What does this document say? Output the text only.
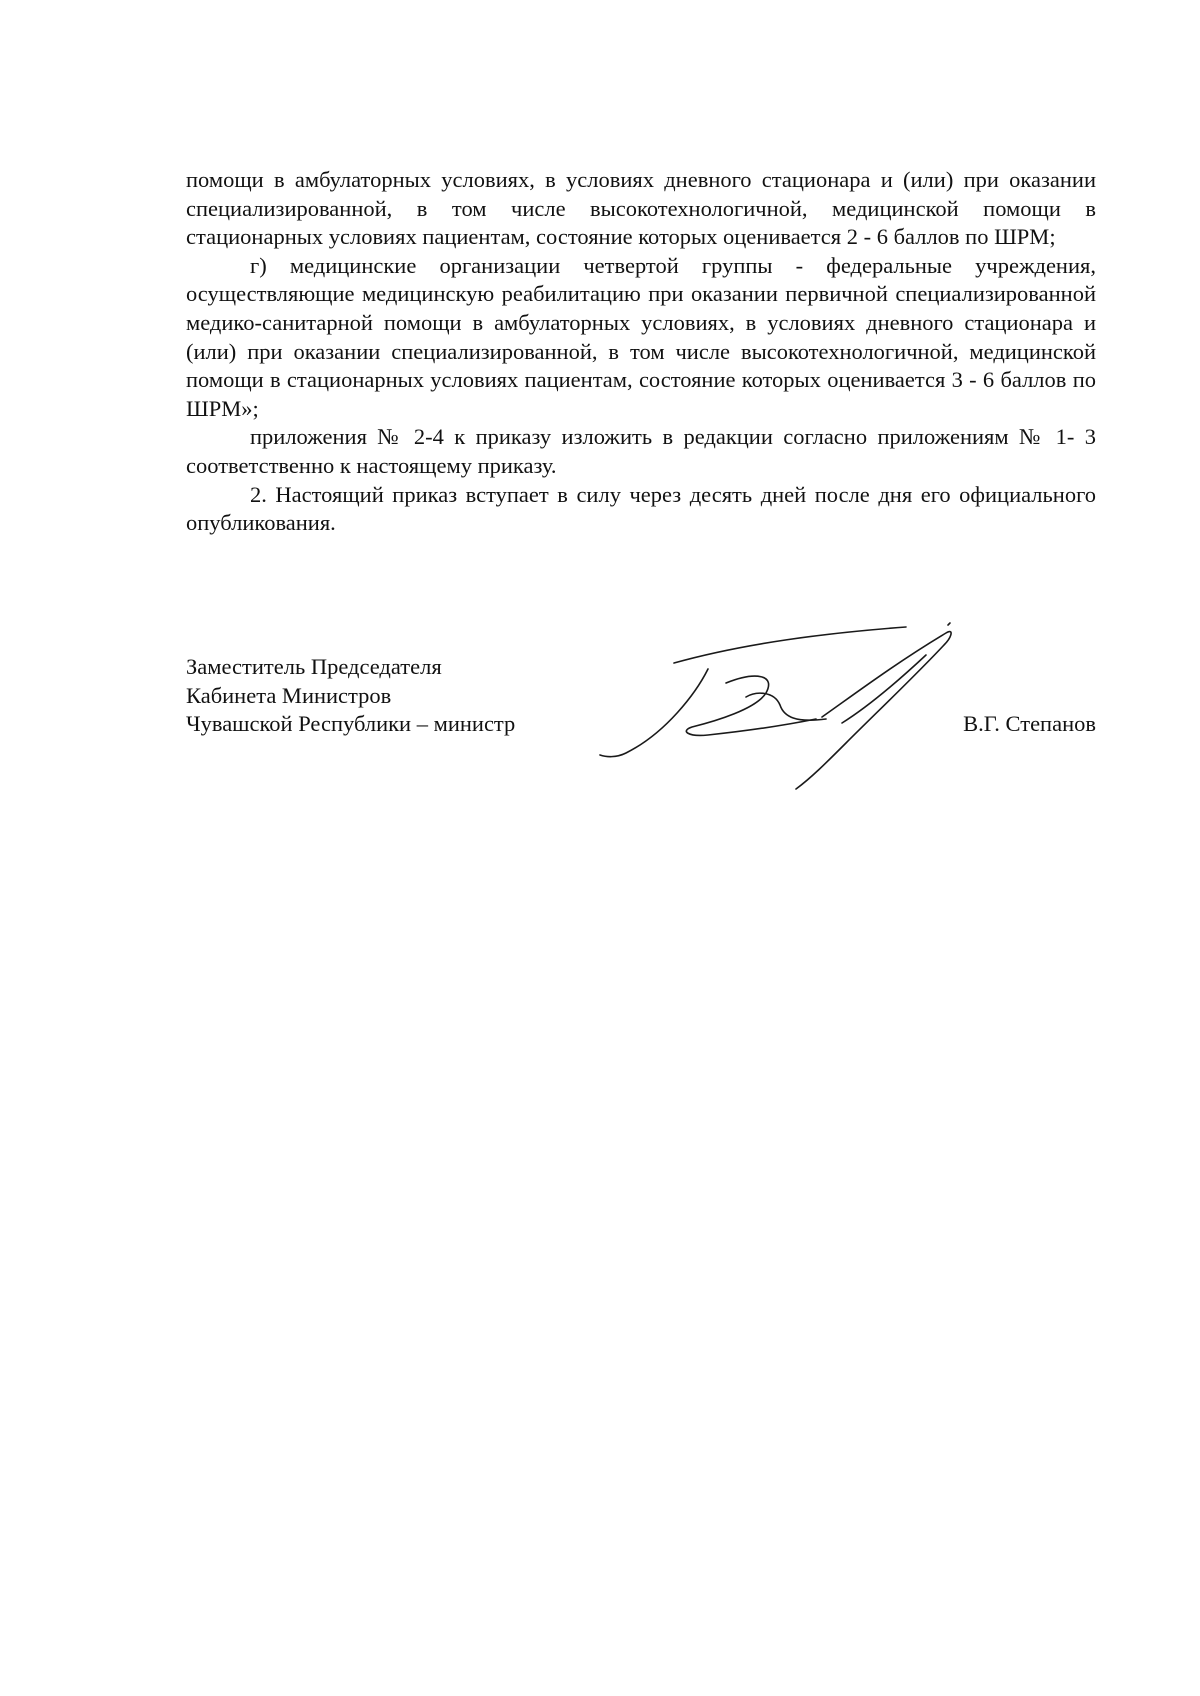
помощи в амбулаторных условиях, в условиях дневного стационара и (или) при оказании специализированной, в том числе высокотехнологичной, медицинской помощи в стационарных условиях пациентам, состояние которых оценивается 2 - 6 баллов по ШРМ;

г) медицинские организации четвертой группы - федеральные учреждения, осуществляющие медицинскую реабилитацию при оказании первичной специализированной медико-санитарной помощи в амбулаторных условиях, в условиях дневного стационара и (или) при оказании специализированной, в том числе высокотехнологичной, медицинской помощи в стационарных условиях пациентам, состояние которых оценивается 3 - 6 баллов по ШРМ»;

приложения № 2-4 к приказу изложить в редакции согласно приложениям № 1- 3 соответственно к настоящему приказу.

2. Настоящий приказ вступает в силу через десять дней после дня его официального опубликования.

Заместитель Председателя
Кабинета Министров
Чувашской Республики – министр	В.Г. Степанов
